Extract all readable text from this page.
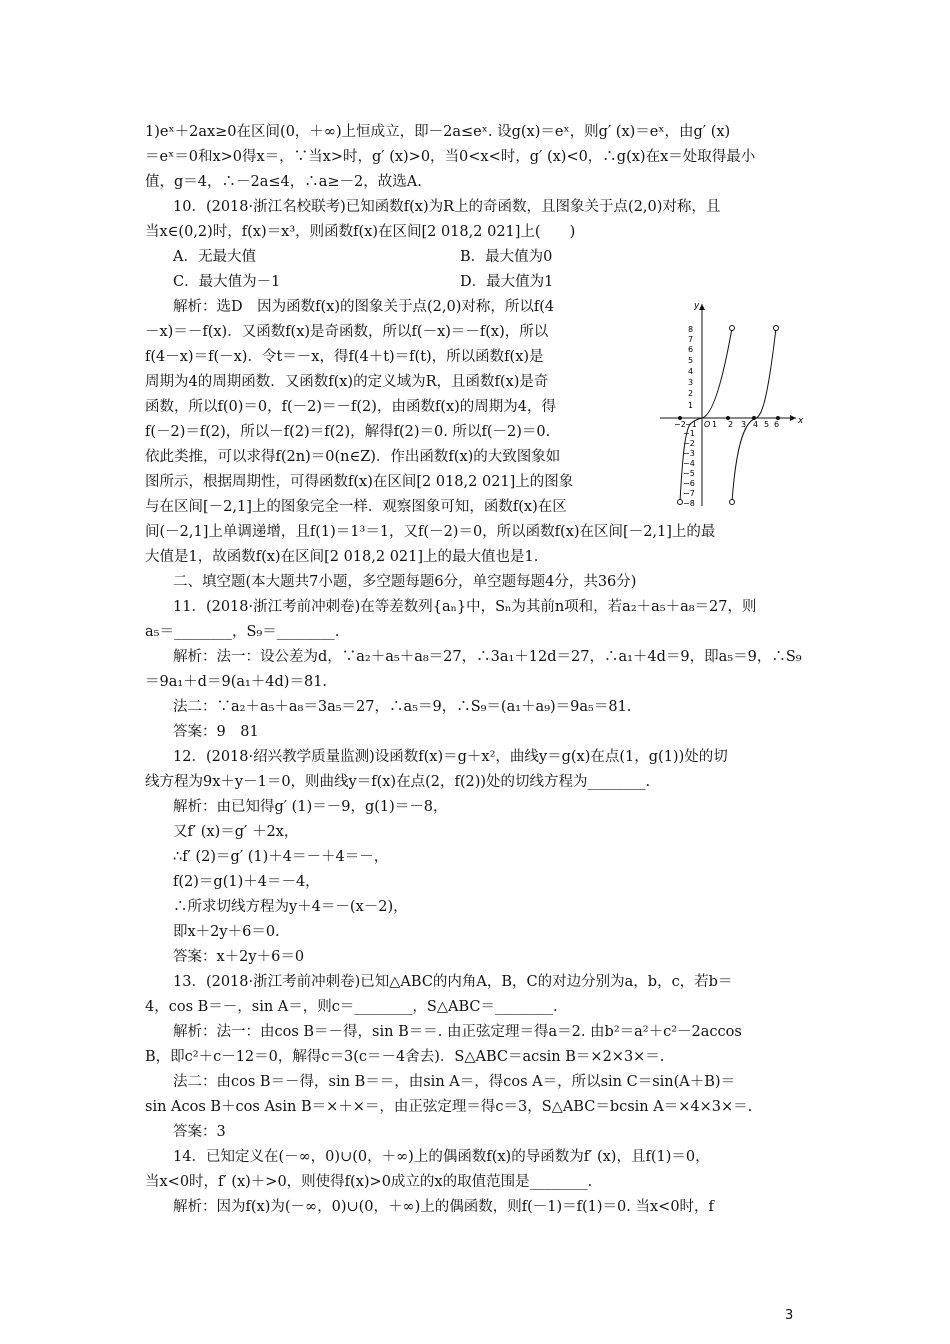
1)eˣ＋2ax≥0在区间(0，＋∞)上恒成立，即－2a≤eˣ. 设g(x)＝eˣ，则g′ (x)＝eˣ，由g′ (x)
＝eˣ＝0和x>0得x＝，∵当x>时，g′ (x)>0，当0<x<时，g′ (x)<0，∴g(x)在x＝处取得最小
值，g＝4，∴－2a≤4，∴a≥－2，故选A.
10．(2018·浙江名校联考)已知函数f(x)为R上的奇函数，且图象关于点(2,0)对称，且
当x∈(0,2)时，f(x)＝x³，则函数f(x)在区间[2 018,2 021]上(　　)
A．无最大值	B．最大值为0
C．最大值为－1	D．最大值为1
解析：选D　因为函数f(x)的图象关于点(2,0)对称，所以f(4
－x)＝－f(x)．又函数f(x)是奇函数，所以f(－x)＝－f(x)，所以
f(4－x)＝f(－x)．令t＝－x，得f(4＋t)＝f(t)，所以函数f(x)是
周期为4的周期函数．又函数f(x)的定义域为R，且函数f(x)是奇
函数，所以f(0)＝0，f(－2)＝－f(2)，由函数f(x)的周期为4，得
f(－2)＝f(2)，所以－f(2)＝f(2)，解得f(2)＝0. 所以f(－2)＝0.
依此类推，可以求得f(2n)＝0(n∈Z)．作出函数f(x)的大致图象如
图所示，根据周期性，可得函数f(x)在区间[2 018,2 021]上的图象
与在区间[－2,1]上的图象完全一样．观察图象可知，函数f(x)在区
间(－2,1]上单调递增，且f(1)＝1³＝1，又f(－2)＝0，所以函数f(x)在区间[－2,1]上的最
大值是1，故函数f(x)在区间[2 018,2 021]上的最大值也是1.
二、填空题(本大题共7小题，多空题每题6分，单空题每题4分，共36分)
11．(2018·浙江考前冲刺卷)在等差数列{aₙ}中，Sₙ为其前n项和，若a₂＋a₅＋a₈＝27，则
a₅＝________，S₉＝________.
解析：法一：设公差为d，∵a₂＋a₅＋a₈＝27，∴3a₁＋12d＝27，∴a₁＋4d＝9，即a₅＝9，∴S₉
＝9a₁＋d＝9(a₁＋4d)＝81.
法二：∵a₂＋a₅＋a₈＝3a₅＝27，∴a₅＝9，∴S₉＝(a₁＋a₉)＝9a₅＝81.
答案：9　81
12．(2018·绍兴教学质量监测)设函数f(x)＝g＋x²，曲线y＝g(x)在点(1，g(1))处的切
线方程为9x＋y－1＝0，则曲线y＝f(x)在点(2，f(2))处的切线方程为________.
解析：由已知得g′ (1)＝－9，g(1)＝－8，
又f′ (x)＝g′ ＋2x，
∴f′ (2)＝g′ (1)＋4＝－＋4＝－，
f(2)＝g(1)＋4＝－4，
∴所求切线方程为y＋4＝－(x－2)，
即x＋2y＋6＝0.
答案：x＋2y＋6＝0
13．(2018·浙江考前冲刺卷)已知△ABC的内角A，B，C的对边分别为a，b，c，若b＝
4，cos B＝－，sin A＝，则c＝________，S△ABC＝________.
解析：法一：由cos B＝－得，sin B＝＝. 由正弦定理＝得a＝2. 由b²＝a²＋c²－2accos
B，即c²＋c－12＝0，解得c＝3(c＝－4舍去)．S△ABC＝acsin B＝×2×3×＝.
法二：由cos B＝－得，sin B＝＝，由sin A＝，得cos A＝，所以sin C＝sin(A＋B)＝
sin Acos B＋cos Asin B＝×＋×＝，由正弦定理＝得c＝3，S△ABC＝bcsin A＝×4×3×＝.
答案：3
14．已知定义在(－∞，0)∪(0，＋∞)上的偶函数f(x)的导函数为f′ (x)，且f(1)＝0，
当x<0时，f′ (x)＋>0，则使得f(x)>0成立的x的取值范围是________.
解析：因为f(x)为(－∞，0)∪(0，＋∞)上的偶函数，则f(－1)＝f(1)＝0. 当x<0时，f
x
y
O
−2 −1 1 2 3 4 5 6
8
7
6
5
4
3
2
1
−1
−2
−3
−4
−5
−6
−7
−8
3
